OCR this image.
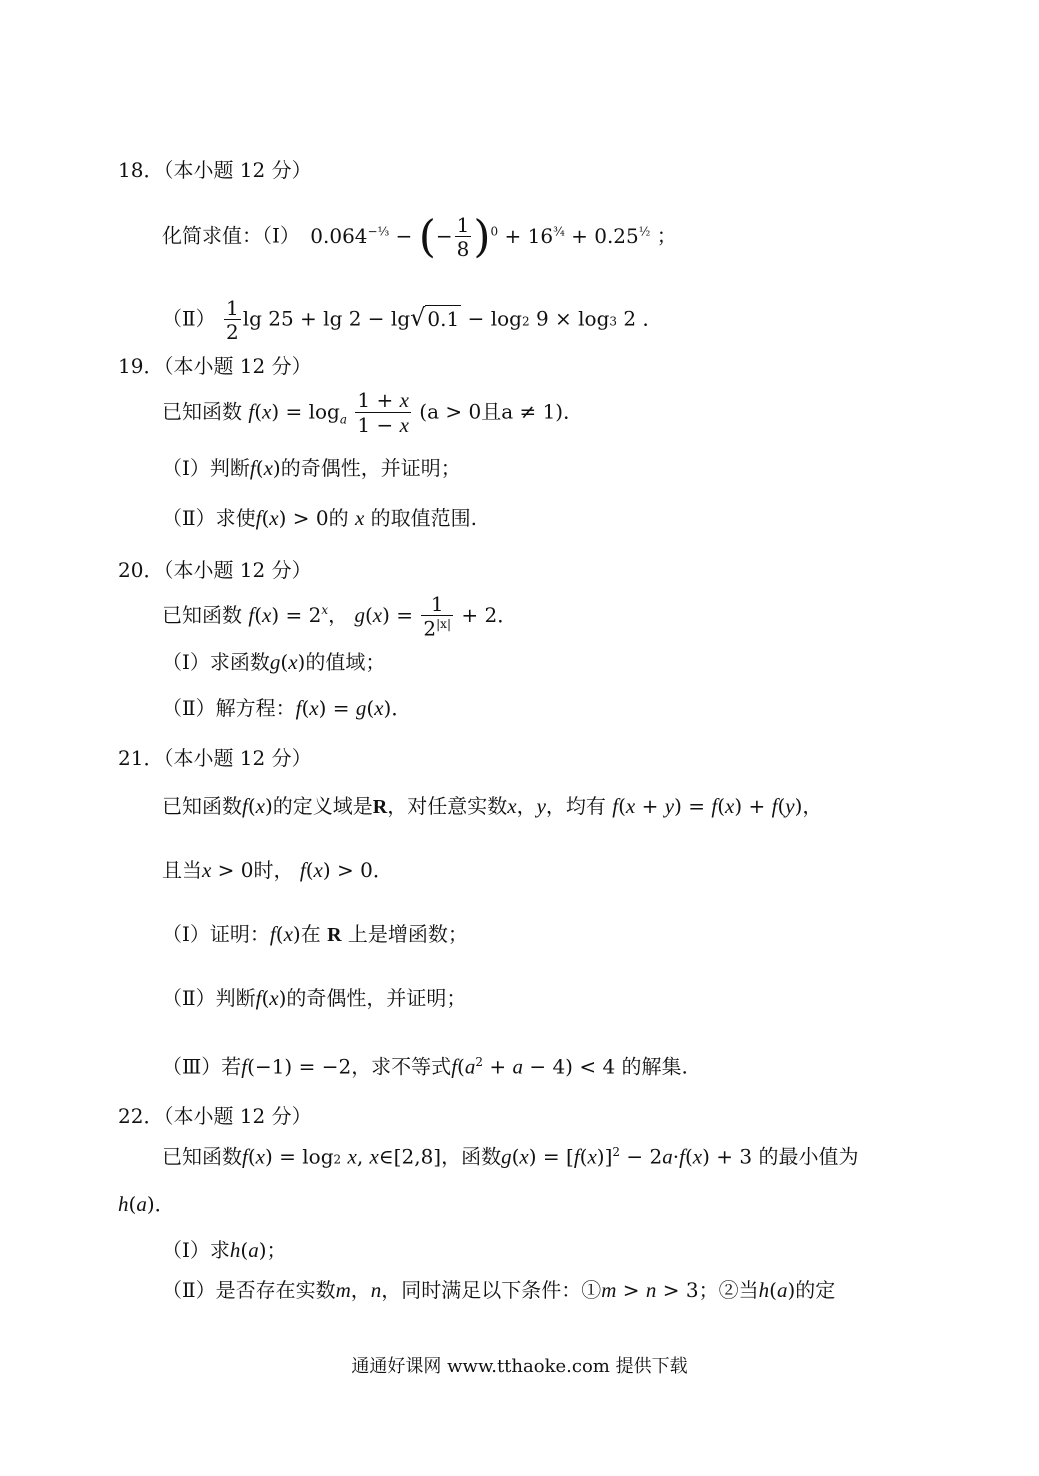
18．（本小题 12 分）
化简求值：（Ⅰ） $0.064^{-\frac{1}{3}}$ − (− $\frac{1}{8} )^0 + 16^{\frac{3}{4}} + 0.25^{\frac{1}{2}}$ ；
（Ⅱ） $\frac{1}{2}$ lg 25 + lg 2 − lg√ 0.1 − log2 9 × log3 2 ．
19．（本小题 12 分）
已知函数 $f(x) = \log_a \frac{1 + x}{1 - x} (a > 0$且a ≠ 1)．
（Ⅰ）判断f(x)的奇偶性，并证明；
（Ⅱ）求使f(x) > 0的 x 的取值范围.
20．（本小题 12 分）
已知函数 $f(x) = 2^x$， $g(x) = \frac{1}{2^{|x|}} + 2$．
（Ⅰ）求函数g(x)的值域；
（Ⅱ）解方程：f(x) = g(x)．
21．（本小题 12 分）
已知函数f(x)的定义域是R，对任意实数x，y，均有 f(x + y) = f(x) + f(y)，
且当x > 0时， f(x) > 0．
（Ⅰ）证明：f(x)在 R 上是增函数；
（Ⅱ）判断f(x)的奇偶性，并证明；
（Ⅲ）若f(−1) = −2，求不等式$f(a^2 + a - 4) < 4$ 的解集.
22．（本小题 12 分）
已知函数f(x) = log2 x, x∈[2,8]，函数$g(x) = [f(x)]^2 - 2a\cdot f(x) + 3$ 的最小值为
h(a)．
（Ⅰ）求h(a)；
（Ⅱ）是否存在实数m，n，同时满足以下条件：①m > n > 3；②当h(a)的定
通通好课网 www.tthaoke.com 提供下载
